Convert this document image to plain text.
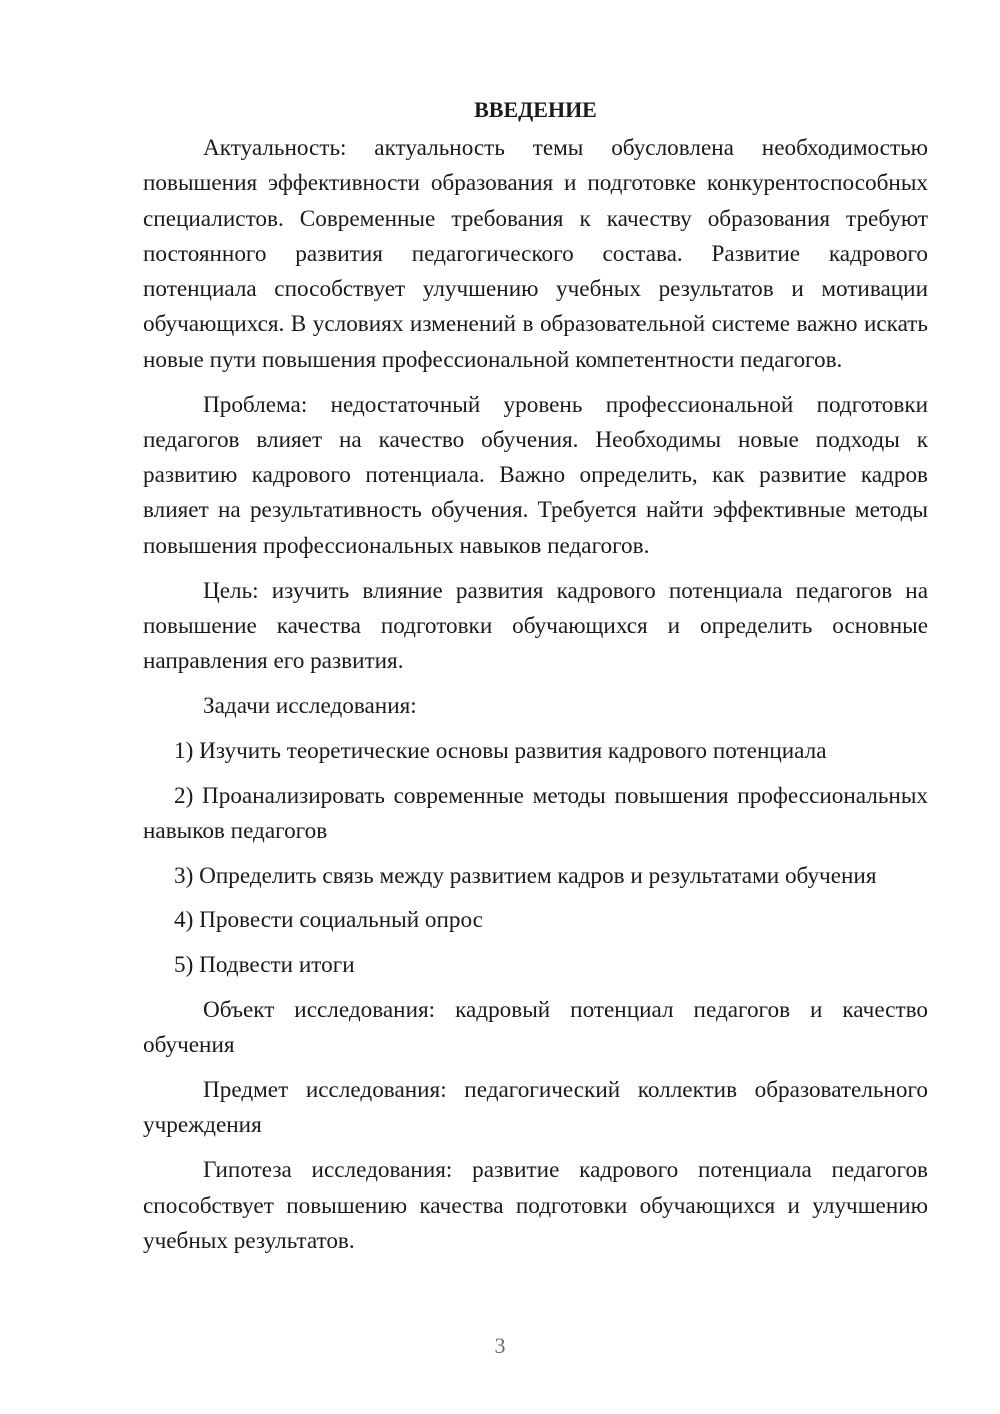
ВВЕДЕНИЕ

Актуальность: актуальность темы обусловлена необходимостью повышения эффективности образования и подготовке конкурентоспособных специалистов. Современные требования к качеству образования требуют постоянного развития педагогического состава. Развитие кадрового потенциала способствует улучшению учебных результатов и мотивации обучающихся. В условиях изменений в образовательной системе важно искать новые пути повышения профессиональной компетентности педагогов.

Проблема: недостаточный уровень профессиональной подготовки педагогов влияет на качество обучения. Необходимы новые подходы к развитию кадрового потенциала. Важно определить, как развитие кадров влияет на результативность обучения. Требуется найти эффективные методы повышения профессиональных навыков педагогов.

Цель: изучить влияние развития кадрового потенциала педагогов на повышение качества подготовки обучающихся и определить основные направления его развития.

Задачи исследования:

1) Изучить теоретические основы развития кадрового потенциала

2) Проанализировать современные методы повышения профессиональных навыков педагогов

3) Определить связь между развитием кадров и результатами обучения

4) Провести социальный опрос

5) Подвести итоги

Объект исследования: кадровый потенциал педагогов и качество обучения

Предмет исследования: педагогический коллектив образовательного учреждения

Гипотеза исследования: развитие кадрового потенциала педагогов способствует повышению качества подготовки обучающихся и улучшению учебных результатов.

3
